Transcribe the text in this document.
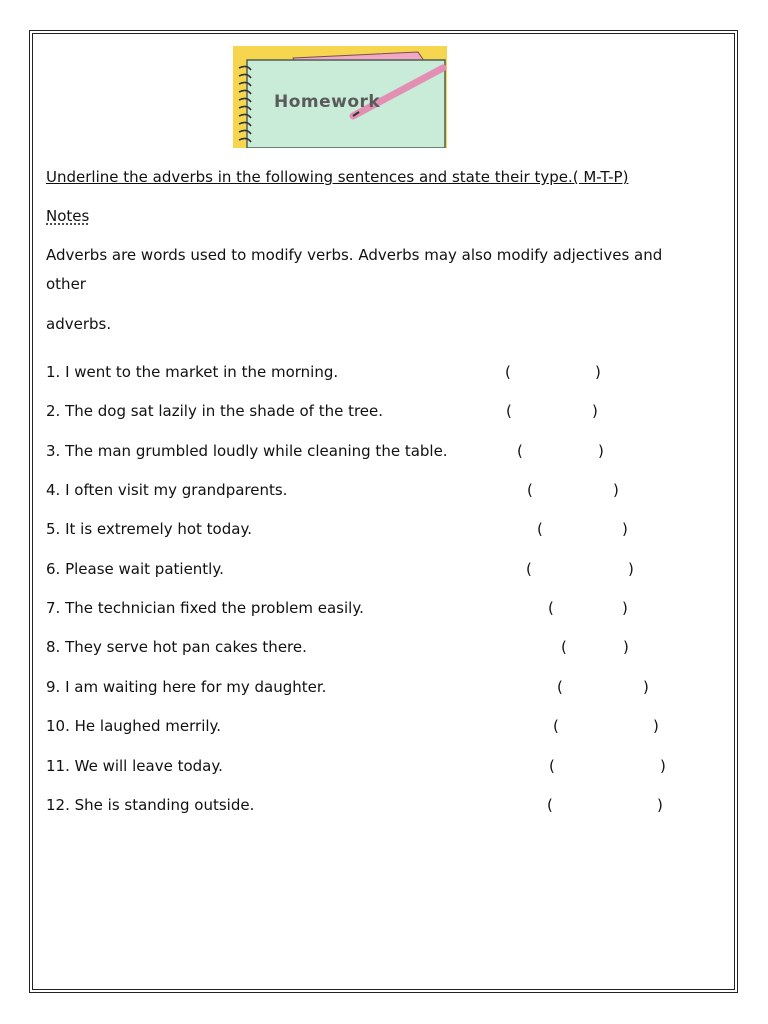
Homework
Underline the adverbs in the following sentences and state their type.( M-T-P)
Notes
Adverbs are words used to modify verbs. Adverbs may also modify adjectives and
other
adverbs.
1. I went to the market in the morning.	(	)
2. The dog sat lazily in the shade of the tree.	(	)
3. The man grumbled loudly while cleaning the table.	(	)
4. I often visit my grandparents.	(	)
5. It is extremely hot today.	(	)
6. Please wait patiently.	(	)
7. The technician fixed the problem easily.	(	)
8. They serve hot pan cakes there.	(	)
9. I am waiting here for my daughter.	(	)
10. He laughed merrily.	(	)
11. We will leave today.	(	)
12. She is standing outside.	(	)
